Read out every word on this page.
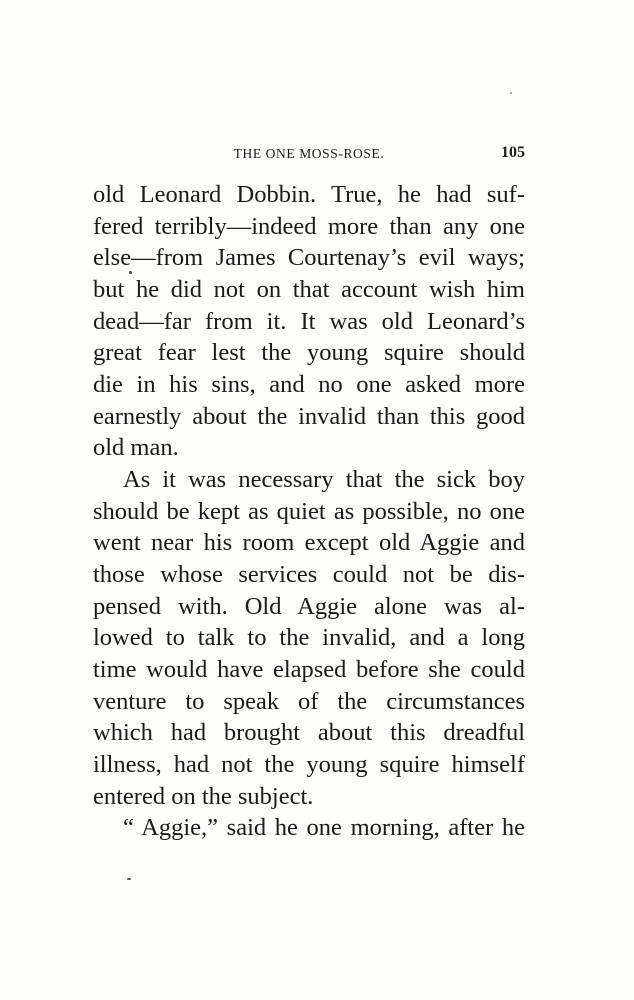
THE ONE MOSS-ROSE.	105
old Leonard Dobbin. True, he had suf-
fered terribly—indeed more than any one
else—from James Courtenay’s evil ways;
but he did not on that account wish him
dead—far from it. It was old Leonard’s
great fear lest the young squire should
die in his sins, and no one asked more
earnestly about the invalid than this good
old man.
As it was necessary that the sick boy
should be kept as quiet as possible, no one
went near his room except old Aggie and
those whose services could not be dis-
pensed with. Old Aggie alone was al-
lowed to talk to the invalid, and a long
time would have elapsed before she could
venture to speak of the circumstances
which had brought about this dreadful
illness, had not the young squire himself
entered on the subject.
“ Aggie,” said he one morning, after he
